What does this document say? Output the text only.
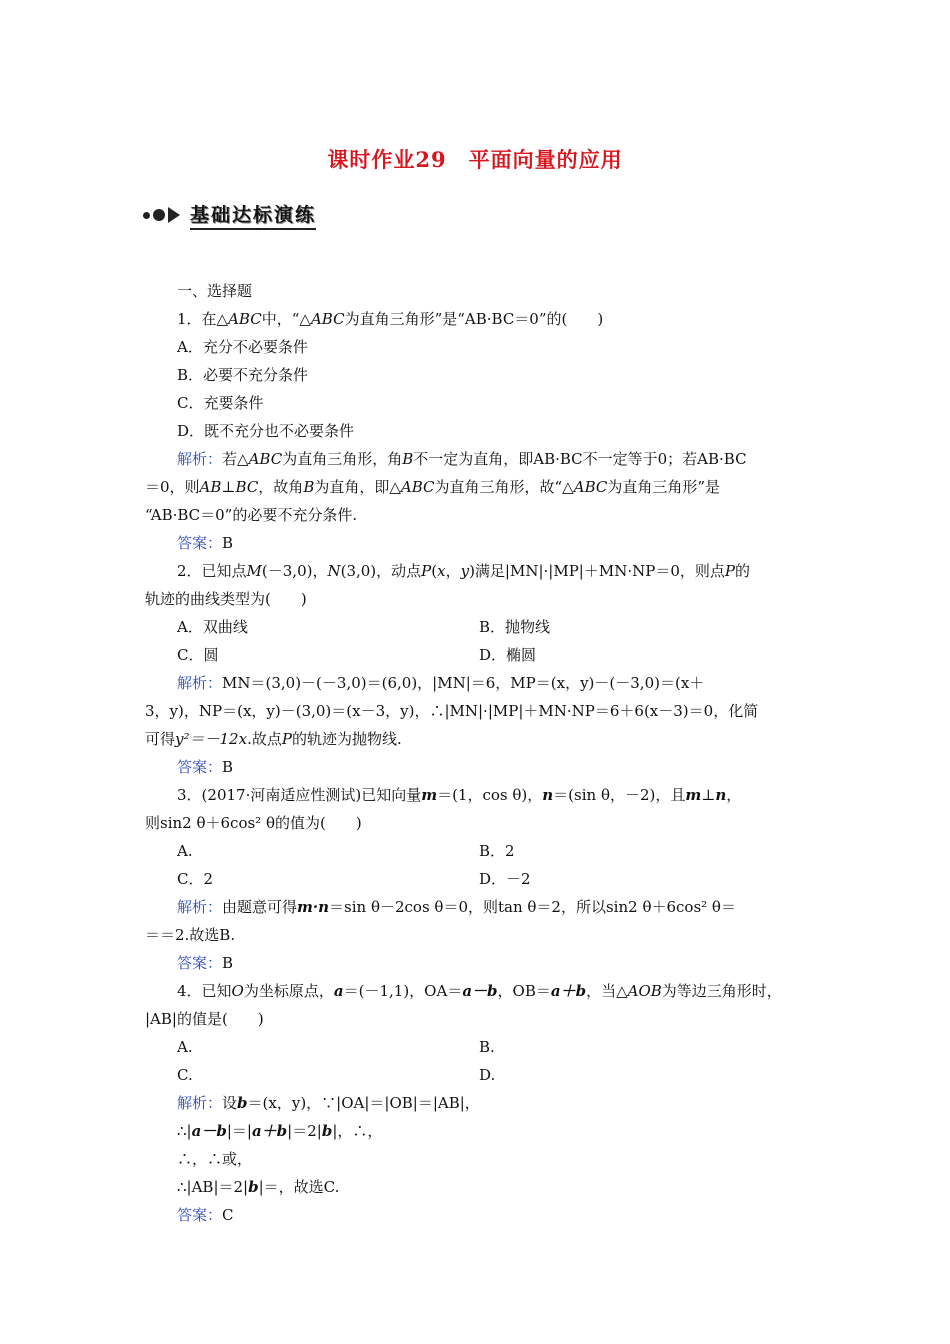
课时作业29　平面向量的应用
基础达标演练
一、选择题
1．在△ABC中，“△ABC为直角三角形”是“AB·BC＝0”的(　　)
A．充分不必要条件
B．必要不充分条件
C．充要条件
D．既不充分也不必要条件
解析：若△ABC为直角三角形，角B不一定为直角，即AB·BC不一定等于0；若AB·BC
＝0，则AB⊥BC，故角B为直角，即△ABC为直角三角形，故“△ABC为直角三角形”是
“AB·BC＝0”的必要不充分条件.
答案：B
2．已知点M(－3,0)，N(3,0)，动点P(x，y)满足|MN|·|MP|＋MN·NP＝0，则点P的
轨迹的曲线类型为(　　)
A．双曲线	B．抛物线
C．圆	D．椭圆
解析：MN＝(3,0)－(－3,0)＝(6,0)，|MN|＝6，MP＝(x，y)－(－3,0)＝(x＋
3，y)，NP＝(x，y)－(3,0)＝(x－3，y)，∴|MN|·|MP|＋MN·NP＝6＋6(x－3)＝0，化简
可得y²＝－12x.故点P的轨迹为抛物线.
答案：B
3．(2017·河南适应性测试)已知向量m＝(1，cos θ)，n＝(sin θ，－2)，且m⊥n，
则sin2 θ＋6cos² θ的值为(　　)
A.	B．2
C．2	D．－2
解析：由题意可得m·n＝sin θ－2cos θ＝0，则tan θ＝2，所以sin2 θ＋6cos² θ＝
＝＝2.故选B.
答案：B
4．已知O为坐标原点，a＝(－1,1)，OA＝a－b，OB＝a＋b，当△AOB为等边三角形时，
|AB|的值是(　　)
A.	B.
C.	D.
解析：设b＝(x，y)，∵|OA|＝|OB|＝|AB|，
∴|a－b|＝|a＋b|＝2|b|，∴，
∴，∴或，
∴|AB|＝2|b|＝，故选C.
答案：C
